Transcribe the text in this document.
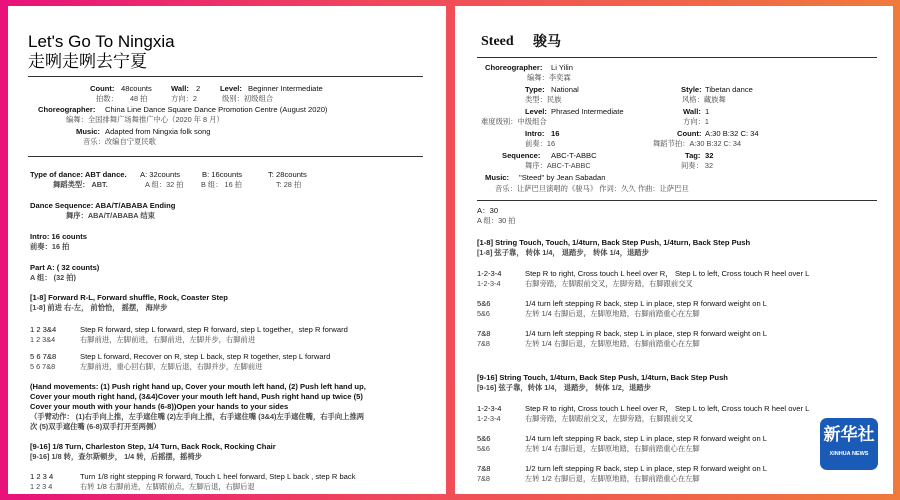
Let's Go To Ningxia
走咧走咧去宁夏
Count: 48counts	Wall: 2	Level: Beginner Intermediate
拍数： 48 拍	方向：2	级别：初级组合
Choreographer: China Line Dance Square Dance Promotion Centre (August 2020)
编舞：全国排舞广场舞推广中心（2020 年 8 月）
Music: Adapted from Ningxia folk song
音乐：改编自宁夏民歌
Type of dance: ABT dance. A: 32counts	B: 16counts	T: 28counts
舞蹈类型： ABT.	A 组：32 拍 B 组： 16 拍	T: 28 拍
Dance Sequence: ABA/T/ABABA Ending
舞序：ABA/T/ABABA 结束
Intro: 16 counts
前奏：16 拍
Part A: ( 32 counts)
A 组： (32 拍)
[1-8] Forward R-L, Forward shuffle, Rock, Coaster Step
[1-8] 前进 右-左， 前恰恰， 摇摆， 海岸步
1 2 3&4	Step R forward, step L forward, step R forward, step L together，step R forward
1 2 3&4	右脚前进，左脚前进，右脚前进，左脚并步，右脚前进
5 6 7&8	Step L forward, Recover on R, step L back, step R together, step L forward
5 6 7&8	左脚前进，重心回右脚，左脚后退，右脚并步，左脚前进
(Hand movements: (1) Push right hand up, Cover your mouth left hand, (2) Push left hand up,
Cover your mouth right hand, (3&4)Cover your mouth left hand, Push right hand up twice (5)
Cover your mouth with your hands (6-8))Open your hands to your sides
（手臂动作： (1)右手向上推，左手遮住嘴 (2)左手向上推，右手遮住嘴 (3&4)左手遮住嘴，右手向上推两
次 (5)双手遮住嘴 (6-8)双手打开至两侧）
[9-16] 1/8 Turn, Charleston Step, 1/4 Turn, Back Rock, Rocking Chair
[9-16] 1/8 转，查尔斯顿步， 1/4 转，后摇摆，摇椅步
1 2 3 4	Turn 1/8 right stepping R forward, Touch L heel forward, Step L back , step R back
1 2 3 4	右转 1/8 右脚前进，左脚跟前点，左脚后退，右脚后退
Steed 骏马
Choreographer: Li Yilin
编舞：李奕霖
Type: National	Style: Tibetan dance
类型：民族	风格：藏族舞
Level: Phrased Intermediate	Wall: 1
难度级别：中级组合	方向：1
Intro: 16	Count: A:30 B:32 C: 34
前奏：16	舞蹈节拍：A:30 B:32 C: 34
Sequence: ABC-T-ABBC	Tag: 32
舞序：ABC-T-ABBC	间奏： 32
Music: "Steed" by Jean Sabadan
音乐：让萨巴旦演唱的《骏马》 作词：久久 作曲：让萨巴旦
A：30
A 组：30 拍
[1-8] String Touch, Touch, 1/4turn, Back Step Push, 1/4turn, Back Step Push
[1-8] 弦子靠， 转体 1/4， 退踏步， 转体 1/4，退踏步
1-2-3-4	Step R to right, Cross touch L heel over R， Step L to left, Cross touch R heel over L
1-2-3-4	右脚旁踏，左脚跟前交叉，左脚旁踏，右脚跟前交叉
5&6	1/4 turn left stepping R back, step L in place, step R forward weight on L
5&6	左转 1/4 右脚后退，左脚原地踏，右脚前踏重心在左脚
7&8	1/4 turn left stepping R back, step L in place, step R forward weight on L
7&8	左转 1/4 右脚后退，左脚原地踏，右脚前踏重心在左脚
[9-16] String Touch, 1/4turn, Back Step Push, 1/4turn, Back Step Push
[9-16] 弦子靠，转体 1/4， 退踏步， 转体 1/2，退踏步
1-2-3-4	Step R to right, Cross touch L heel over R， Step L to left, Cross touch R heel over L
1-2-3-4	右脚旁踏，左脚跟前交叉，左脚旁踏，右脚跟前交叉
5&6	1/4 turn left stepping R back, step L in place, step R forward weight on L
5&6	左转 1/4 右脚后退，左脚原地踏，右脚前踏重心在左脚
7&8	1/2 turn left stepping R back, step L in place, step R forward weight on L
7&8	左转 1/2 右脚后退，左脚原地踏，右脚前踏重心在左脚
新华社
XINHUA NEWS
